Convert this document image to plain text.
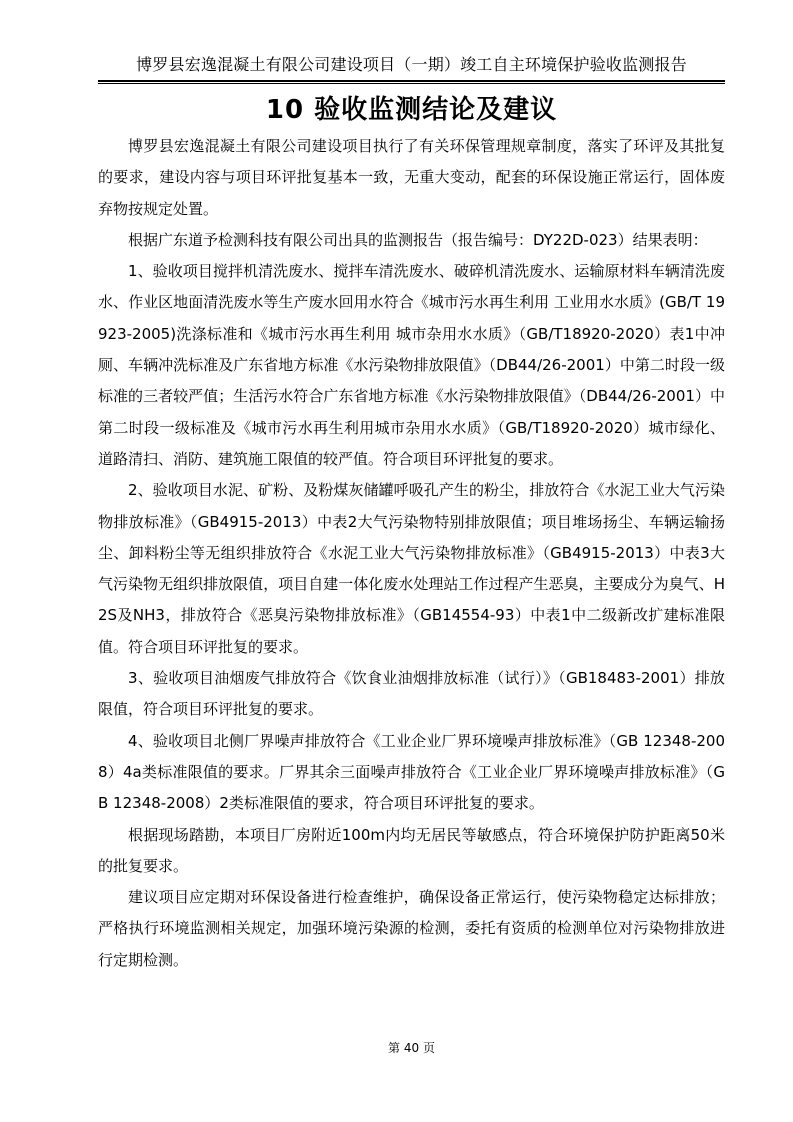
博罗县宏逸混凝土有限公司建设项目（一期）竣工自主环境保护验收监测报告
10 验收监测结论及建议

博罗县宏逸混凝土有限公司建设项目执行了有关环保管理规章制度，落实了环评及其批复的要求，建设内容与项目环评批复基本一致，无重大变动，配套的环保设施正常运行，固体废弃物按规定处置。

根据广东道予检测科技有限公司出具的监测报告（报告编号：DY22D-023）结果表明：

1、验收项目搅拌机清洗废水、搅拌车清洗废水、破碎机清洗废水、运输原材料车辆清洗废水、作业区地面清洗废水等生产废水回用水符合《城市污水再生利用 工业用水水质》(GB/T 19923-2005)洗涤标准和《城市污水再生利用 城市杂用水水质》（GB/T18920-2020）表1中冲厕、车辆冲洗标准及广东省地方标准《水污染物排放限值》（DB44/26-2001）中第二时段一级标准的三者较严值；生活污水符合广东省地方标准《水污染物排放限值》（DB44/26-2001）中第二时段一级标准及《城市污水再生利用城市杂用水水质》（GB/T18920-2020）城市绿化、道路清扫、消防、建筑施工限值的较严值。符合项目环评批复的要求。

2、验收项目水泥、矿粉、及粉煤灰储罐呼吸孔产生的粉尘，排放符合《水泥工业大气污染物排放标准》（GB4915-2013）中表2大气污染物特别排放限值；项目堆场扬尘、车辆运输扬尘、卸料粉尘等无组织排放符合《水泥工业大气污染物排放标准》（GB4915-2013）中表3大气污染物无组织排放限值，项目自建一体化废水处理站工作过程产生恶臭，主要成分为臭气、H2S及NH3，排放符合《恶臭污染物排放标准》（GB14554-93）中表1中二级新改扩建标准限值。符合项目环评批复的要求。

3、验收项目油烟废气排放符合《饮食业油烟排放标准（试行）》（GB18483-2001）排放限值，符合项目环评批复的要求。

4、验收项目北侧厂界噪声排放符合《工业企业厂界环境噪声排放标准》（GB 12348-2008）4a类标准限值的要求。厂界其余三面噪声排放符合《工业企业厂界环境噪声排放标准》（GB 12348-2008）2类标准限值的要求，符合项目环评批复的要求。

根据现场踏勘，本项目厂房附近100m内均无居民等敏感点，符合环境保护防护距离50米的批复要求。

建议项目应定期对环保设备进行检查维护，确保设备正常运行，使污染物稳定达标排放；严格执行环境监测相关规定，加强环境污染源的检测，委托有资质的检测单位对污染物排放进行定期检测。

第 40 页
